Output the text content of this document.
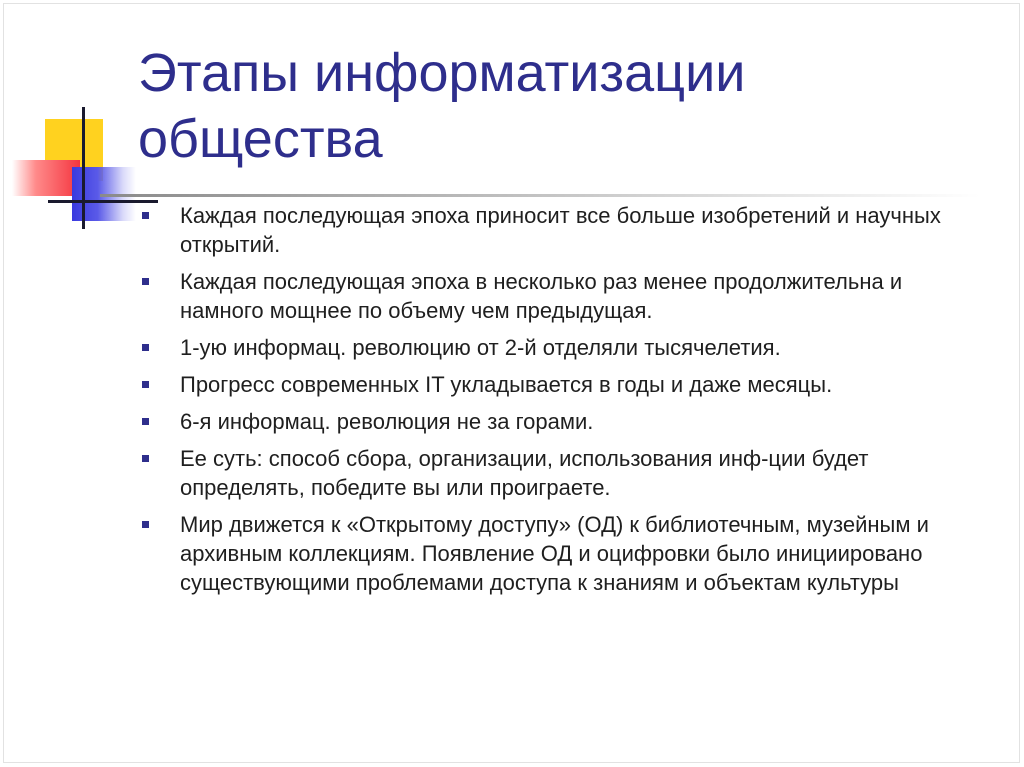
Этапы информатизации общества
Каждая последующая эпоха приносит все больше изобретений и научных открытий.
Каждая последующая эпоха в несколько раз менее продолжительна и намного мощнее по объему чем предыдущая.
1-ую информац. революцию от 2-й отделяли тысячелетия.
Прогресс современных IT укладывается в годы и даже месяцы.
6-я информац. революция не за горами.
Ее суть: способ сбора, организации, использования инф-ции будет определять, победите вы или проиграете.
Мир движется к «Открытому доступу» (ОД) к библиотечным, музейным и архивным коллекциям. Появление ОД и оцифровки было инициировано существующими проблемами доступа к знаниям и объектам культуры
